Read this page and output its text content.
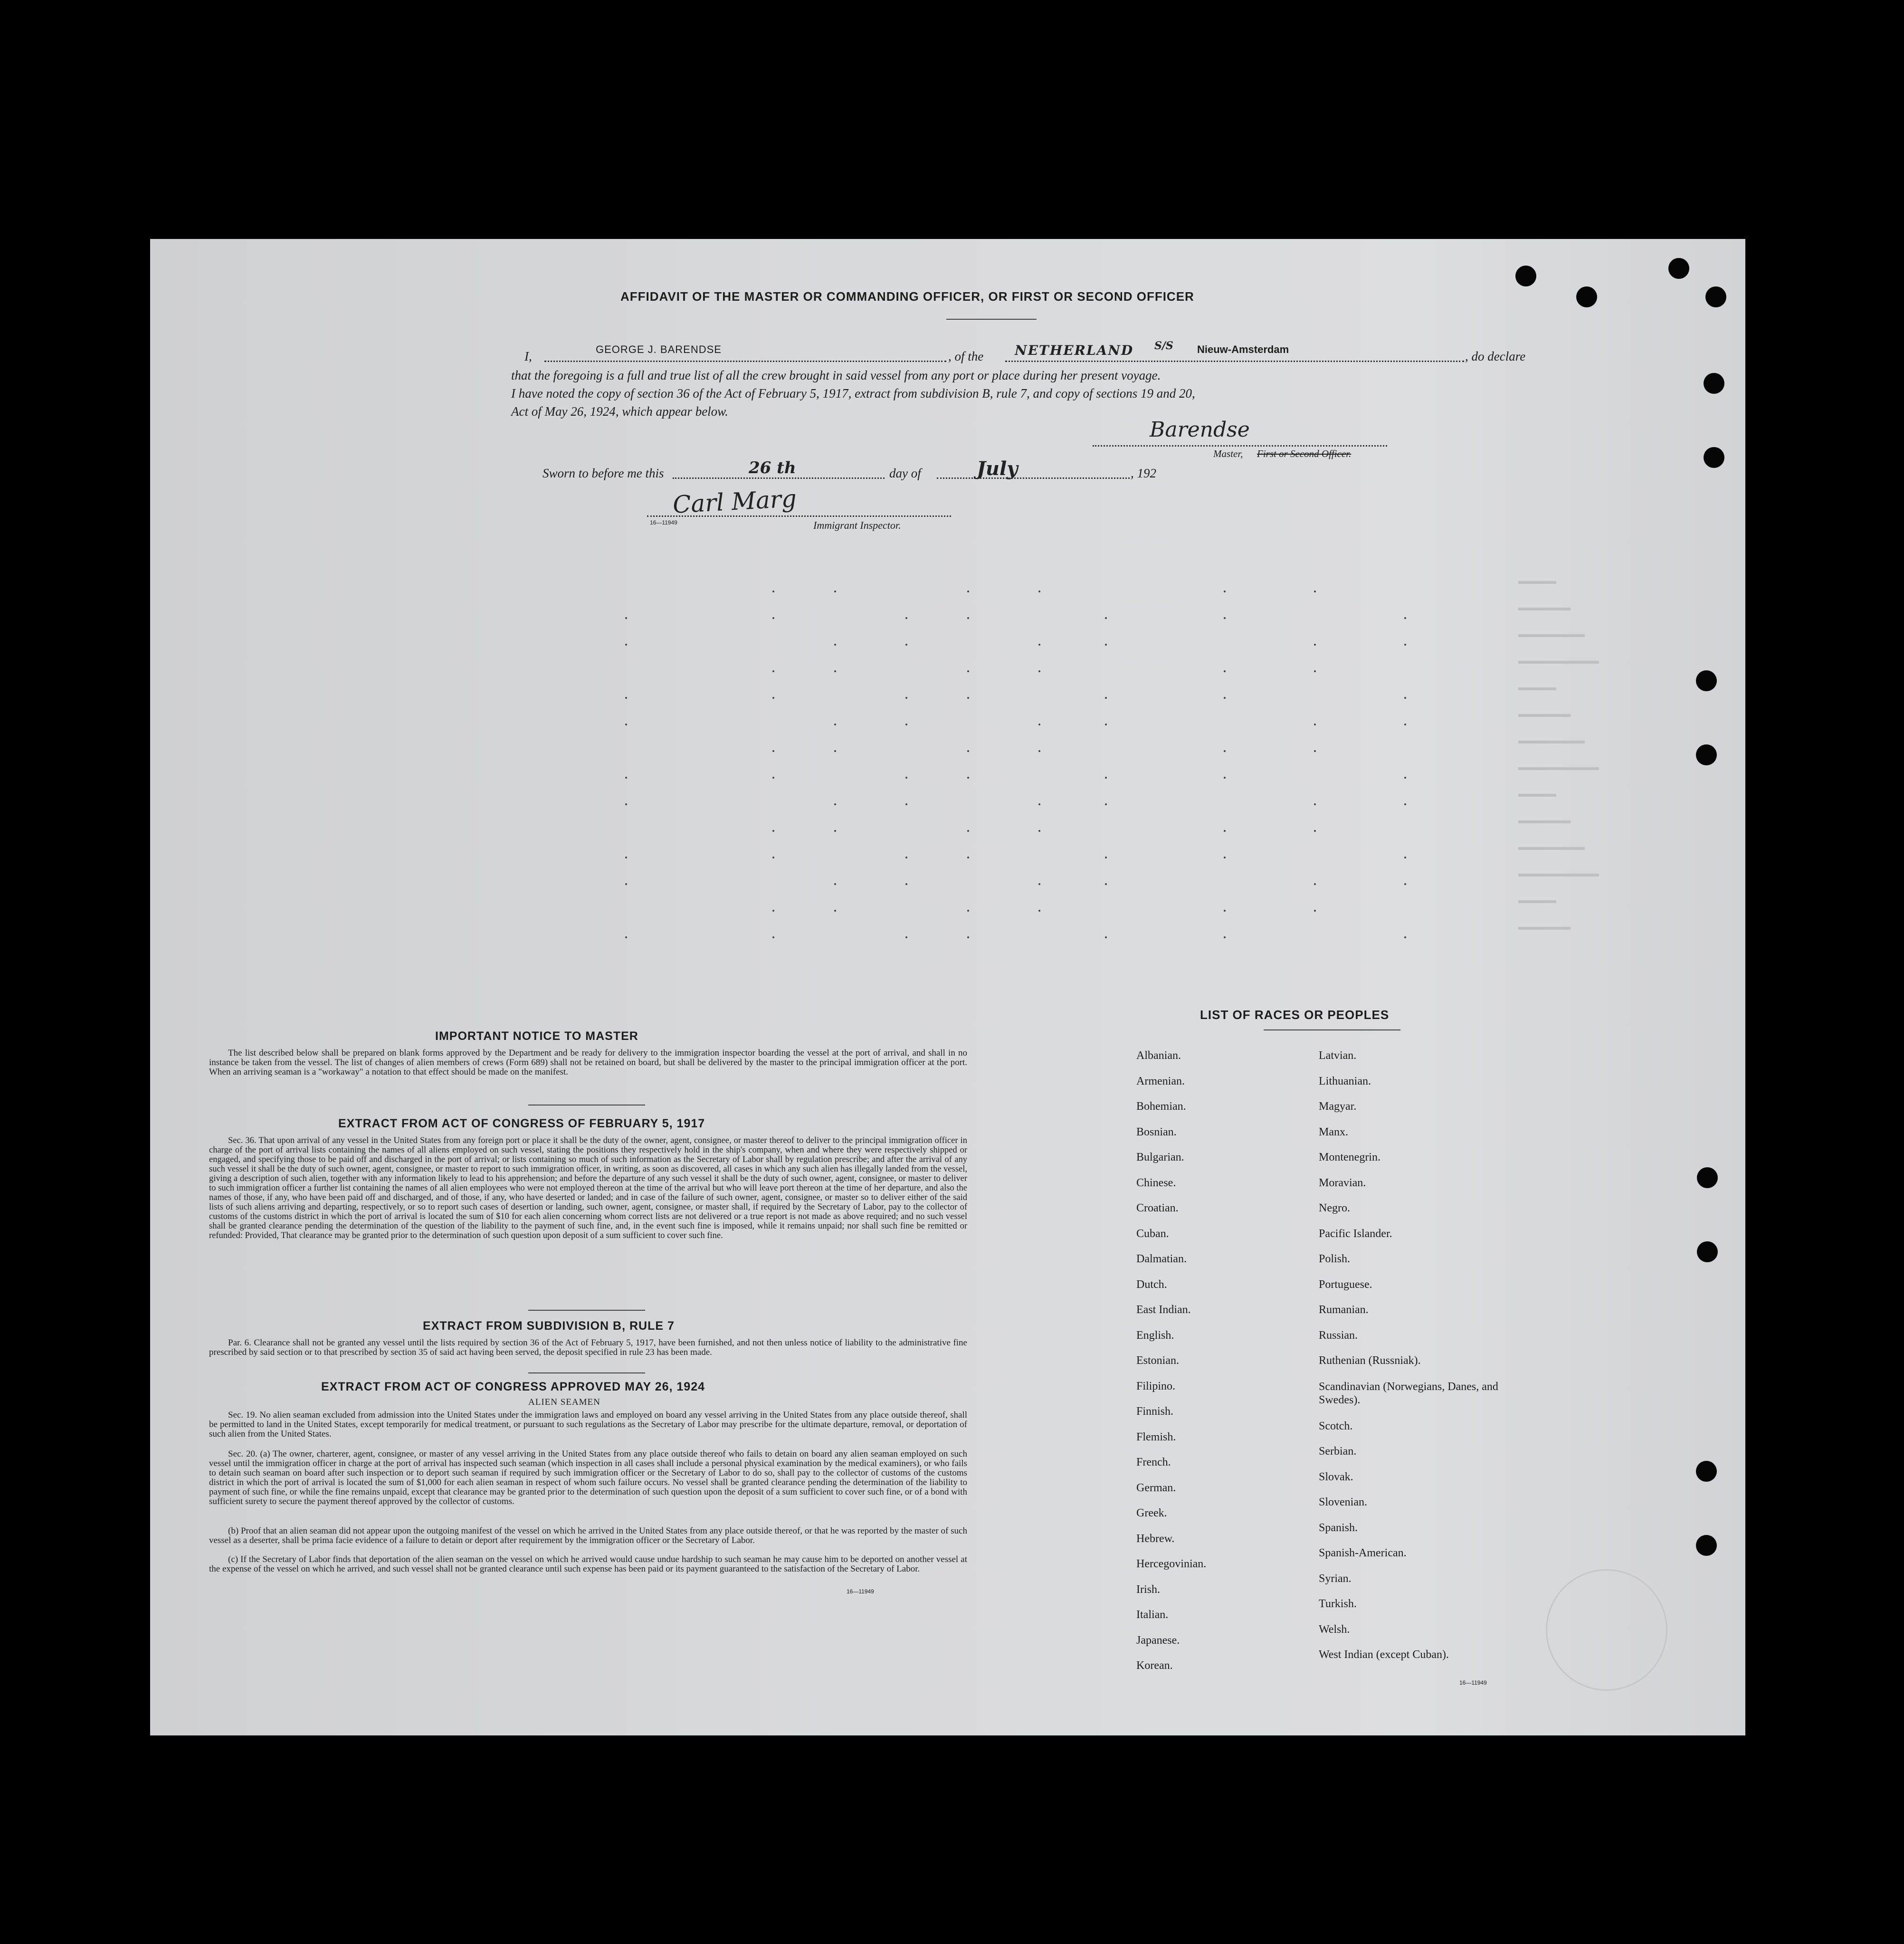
AFFIDAVIT OF THE MASTER OR COMMANDING OFFICER, OR FIRST OR SECOND OFFICER
I,	GEORGE J. BARENDSE	, of the NETHERLAND S/S Nieuw-Amsterdam	, do declare
that the foregoing is a full and true list of all the crew brought in said vessel from any port or place during her present voyage.
I have noted the copy of section 36 of the Act of February 5, 1917, extract from subdivision B, rule 7, and copy of sections 19 and 20,
Act of May 26, 1924, which appear below.
Barendse
Master, First or Second Officer.
Sworn to before me this	26 th	day of	July	, 192
Carl Marg
16—11949	Immigrant Inspector.
IMPORTANT NOTICE TO MASTER
The list described below shall be prepared on blank forms approved by the Department and be ready for delivery to the immigration inspector boarding the vessel at the port of arrival, and shall in no instance be taken from the vessel. The list of changes of alien members of crews (Form 689) shall not be retained on board, but shall be delivered by the master to the principal immigration officer at the port. When an arriving seaman is a "workaway" a notation to that effect should be made on the manifest.
EXTRACT FROM ACT OF CONGRESS OF FEBRUARY 5, 1917
Sec. 36. That upon arrival of any vessel in the United States from any foreign port or place it shall be the duty of the owner, agent, consignee, or master thereof to deliver to the principal immigration officer in charge of the port of arrival lists containing the names of all aliens employed on such vessel, stating the positions they respectively hold in the ship's company, when and where they were respectively shipped or engaged, and specifying those to be paid off and discharged in the port of arrival; or lists containing so much of such information as the Secretary of Labor shall by regulation prescribe; and after the arrival of any such vessel it shall be the duty of such owner, agent, consignee, or master to report to such immigration officer, in writing, as soon as discovered, all cases in which any such alien has illegally landed from the vessel, giving a description of such alien, together with any information likely to lead to his apprehension; and before the departure of any such vessel it shall be the duty of such owner, agent, consignee, or master to deliver to such immigration officer a further list containing the names of all alien employees who were not employed thereon at the time of the arrival but who will leave port thereon at the time of her departure, and also the names of those, if any, who have been paid off and discharged, and of those, if any, who have deserted or landed; and in case of the failure of such owner, agent, consignee, or master so to deliver either of the said lists of such aliens arriving and departing, respectively, or so to report such cases of desertion or landing, such owner, agent, consignee, or master shall, if required by the Secretary of Labor, pay to the collector of customs of the customs district in which the port of arrival is located the sum of $10 for each alien concerning whom correct lists are not delivered or a true report is not made as above required; and no such vessel shall be granted clearance pending the determination of the question of the liability to the payment of such fine, and, in the event such fine is imposed, while it remains unpaid; nor shall such fine be remitted or refunded: Provided, That clearance may be granted prior to the determination of such question upon deposit of a sum sufficient to cover such fine.
EXTRACT FROM SUBDIVISION B, RULE 7
Par. 6. Clearance shall not be granted any vessel until the lists required by section 36 of the Act of February 5, 1917, have been furnished, and not then unless notice of liability to the administrative fine prescribed by said section or to that prescribed by section 35 of said act having been served, the deposit specified in rule 23 has been made.
EXTRACT FROM ACT OF CONGRESS APPROVED MAY 26, 1924
ALIEN SEAMEN
Sec. 19. No alien seaman excluded from admission into the United States under the immigration laws and employed on board any vessel arriving in the United States from any place outside thereof, shall be permitted to land in the United States, except temporarily for medical treatment, or pursuant to such regulations as the Secretary of Labor may prescribe for the ultimate departure, removal, or deportation of such alien from the United States.
Sec. 20. (a) The owner, charterer, agent, consignee, or master of any vessel arriving in the United States from any place outside thereof who fails to detain on board any alien seaman employed on such vessel until the immigration officer in charge at the port of arrival has inspected such seaman (which inspection in all cases shall include a personal physical examination by the medical examiners), or who fails to detain such seaman on board after such inspection or to deport such seaman if required by such immigration officer or the Secretary of Labor to do so, shall pay to the collector of customs of the customs district in which the port of arrival is located the sum of $1,000 for each alien seaman in respect of whom such failure occurs. No vessel shall be granted clearance pending the determination of the liability to payment of such fine, or while the fine remains unpaid, except that clearance may be granted prior to the determination of such question upon the deposit of a sum sufficient to cover such fine, or of a bond with sufficient surety to secure the payment thereof approved by the collector of customs.
(b) Proof that an alien seaman did not appear upon the outgoing manifest of the vessel on which he arrived in the United States from any place outside thereof, or that he was reported by the master of such vessel as a deserter, shall be prima facie evidence of a failure to detain or deport after requirement by the immigration officer or the Secretary of Labor.
(c) If the Secretary of Labor finds that deportation of the alien seaman on the vessel on which he arrived would cause undue hardship to such seaman he may cause him to be deported on another vessel at the expense of the vessel on which he arrived, and such vessel shall not be granted clearance until such expense has been paid or its payment guaranteed to the satisfaction of the Secretary of Labor.
16—11949
LIST OF RACES OR PEOPLES
Albanian.
Armenian.
Bohemian.
Bosnian.
Bulgarian.
Chinese.
Croatian.
Cuban.
Dalmatian.
Dutch.
East Indian.
English.
Estonian.
Filipino.
Finnish.
Flemish.
French.
German.
Greek.
Hebrew.
Hercegovinian.
Irish.
Italian.
Japanese.
Korean.
Latvian.
Lithuanian.
Magyar.
Manx.
Montenegrin.
Moravian.
Negro.
Pacific Islander.
Polish.
Portuguese.
Rumanian.
Russian.
Ruthenian (Russniak).
Scandinavian (Norwegians, Danes, and Swedes).
Scotch.
Serbian.
Slovak.
Slovenian.
Spanish.
Spanish-American.
Syrian.
Turkish.
Welsh.
West Indian (except Cuban).
16—11949
